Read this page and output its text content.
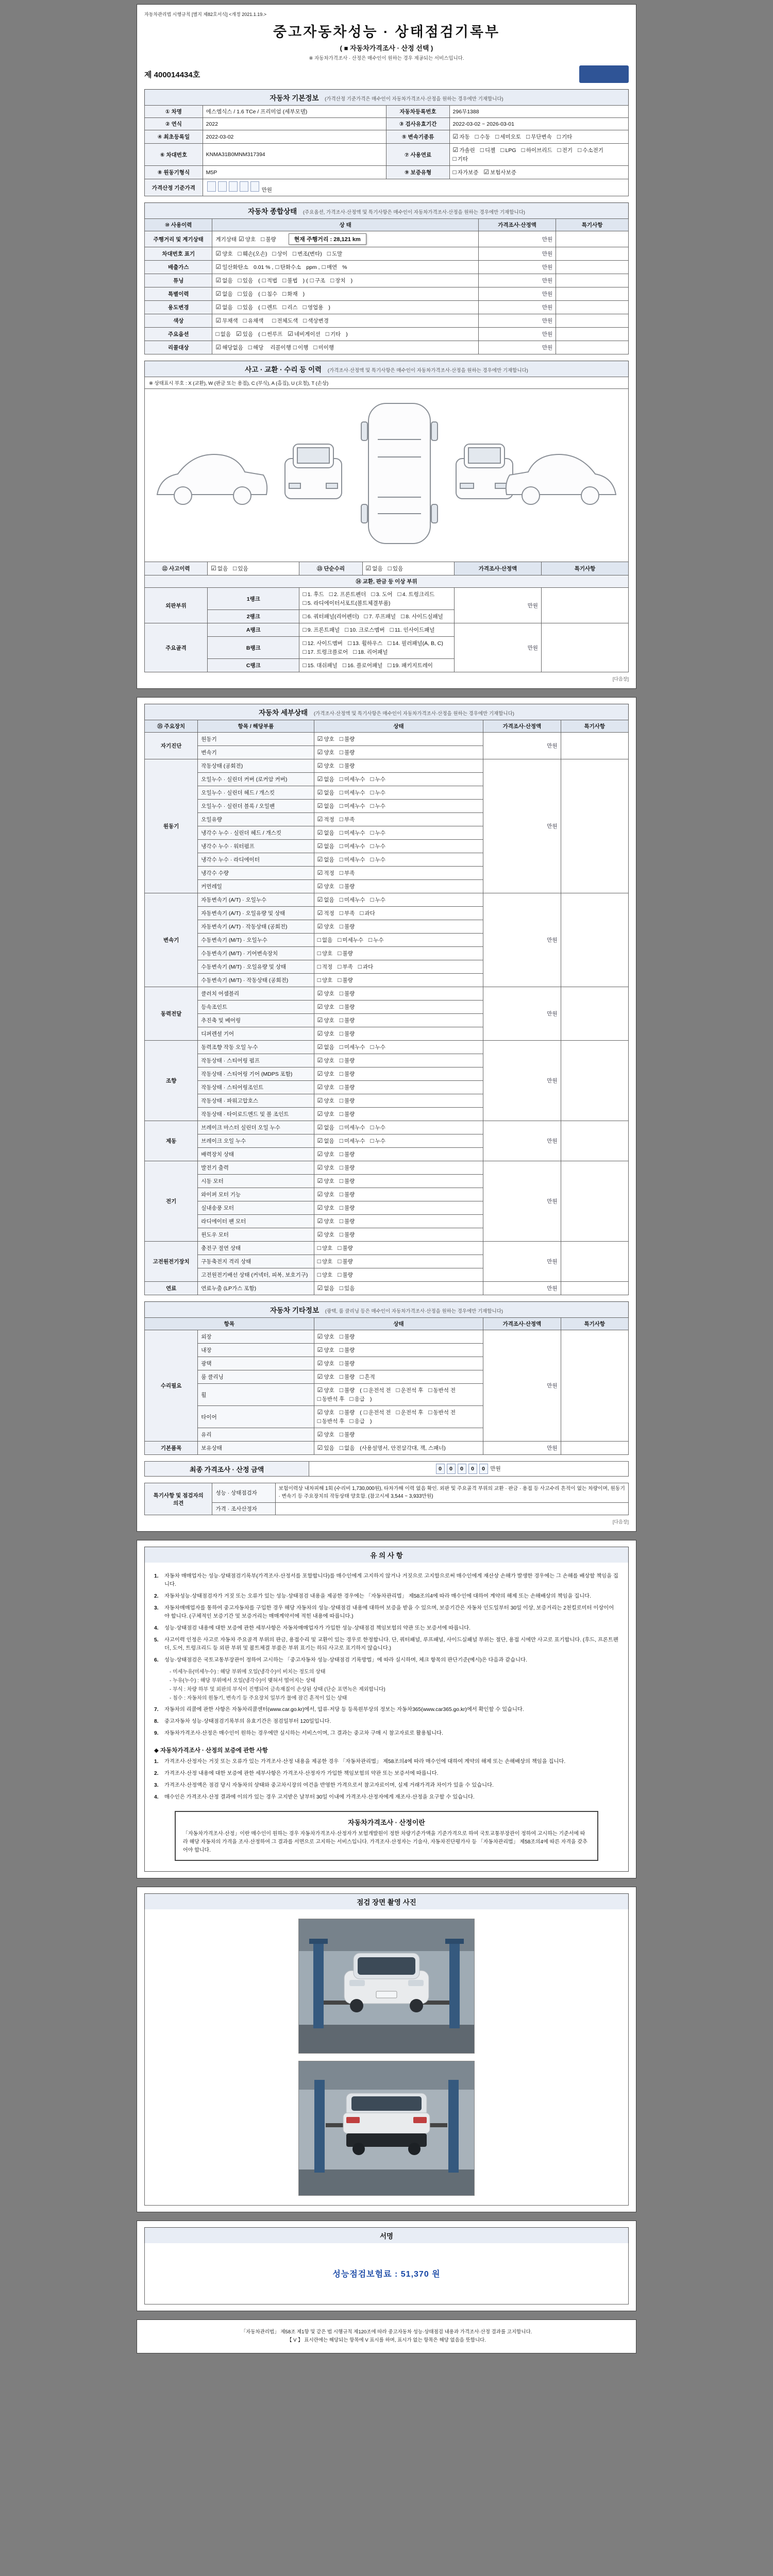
자동차관리법 시행규칙 [별지 제82호서식] <개정 2021.1.19.>
중고자동차성능 · 상태점검기록부
( ■ 자동차가격조사 · 산정 선택 )
※ 자동차가격조사 · 산정은 매수인이 원하는 경우 제공되는 서비스입니다.
제 400014434호
자동차 기본정보 (가격산정 기준가격은 매수인이 자동차가격조사·산정을 원하는 경우에만 기재합니다)
① 차명	에스엠식스 / 1.6 TCe / 프리미엄 (세부모델)	자동차등록번호	296무1388
② 연식	2022	③ 검사유효기간	2022-03-02 ~ 2026-03-01
④ 최초등록일	2022-03-02	⑤ 변속기종류	☑ 자동 □ 수동 □ 세미오토 □ 무단변속 □ 기타
⑥ 차대번호	KNMA31B0MNM317394	⑦ 사용연료	☑ 가솔린 □ 디젤 □ LPG □ 하이브리드 □ 전기 □ 수소전기□ 기타
⑧ 원동기형식	M5P	⑨ 보증유형	□ 자가보증 ☑ 보험사보증
가격산정 기준가격	만원		
자동차 종합상태 (주요옵션, 가격조사·산정액 및 특기사항은 매수인이 자동차가격조사·산정을 원하는 경우에만 기재합니다)
⑩ 사용이력	상 태	가격조사·산정액	특기사항
주행거리 및 계기상태	계기상태 ☑ 양호 □ 불량 현재 주행거리 : 28,121 km	만원	
차대번호 표기	☑ 양호 □ 훼손(오손) □ 상이 □ 변조(변타) □ 도말	만원	
배출가스	☑ 일산화탄소 0.01 % , □ 탄화수소 ppm , □ 매연 %	만원	
튜닝	☑ 없음 □ 있음 ( □ 적법 □ 불법 ) ( □ 구조 □ 장치 )	만원	
특별이력	☑ 없음 □ 있음 ( □ 침수 □ 화재 )	만원	
용도변경	☑ 없음 □ 있음 ( □ 렌트 □ 리스 □ 영업용 )	만원	
색상	☑ 무채색 □ 유채색 □ 전체도색 □ 색상변경	만원	
주요옵션	□ 없음 ☑ 있음 ( □ 썬루프 ☑ 네비게이션 □ 기타 )	만원	
리콜대상	☑ 해당없음 □ 해당 리콜이행 □ 이행 □ 미이행	만원	
사고 · 교환 · 수리 등 이력 (가격조사·산정액 및 특기사항은 매수인이 자동차가격조사·산정을 원하는 경우에만 기재합니다)
※ 상태표시 부호 : X (교환), W (판금 또는 용접), C (부식), A (흠집), U (요철), T (손상)
⑫ 사고이력	☑ 없음 □ 있음	⑬ 단순수리	☑ 없음 □ 있음	가격조사·산정액	특기사항
⑭ 교환, 판금 등 이상 부위					
외판부위	1랭크	□ 1. 후드 □ 2. 프론트펜더 □ 3. 도어 □ 4. 트렁크리드□ 5. 라디에이터서포트(볼트체결부품)		만원	
	2랭크	□ 6. 쿼터패널(리어펜더) □ 7. 루프패널 □ 8. 사이드실패널			
주요골격	A랭크	□ 9. 프론트패널 □ 10. 크로스멤버 □ 11. 인사이드패널		만원	
	B랭크	□ 12. 사이드멤버 □ 13. 휠하우스 □ 14. 필러패널(A, B, C)□ 17. 트렁크플로어 □ 18. 리어패널			
	C랭크	□ 15. 대쉬패널 □ 16. 플로어패널 □ 19. 패키지트레이			
[다음장]
자동차 세부상태 (가격조사·산정액 및 특기사항은 매수인이 자동차가격조사·산정을 원하는 경우에만 기재합니다)
⑮ 주요장치	항목 / 해당부품	상태	가격조사·산정액	특기사항
자기진단	원동기	☑ 양호 □ 불량	만원	
	변속기	☑ 양호 □ 불량		
원동기	작동상태 (공회전)	☑ 양호 □ 불량	만원	
	오일누수 · 실린더 커버 (로커암 커버)	☑ 없음 □ 미세누수 □ 누수		
	오일누수 · 실린더 헤드 / 개스킷	☑ 없음 □ 미세누수 □ 누수		
	오일누수 · 실린더 블록 / 오일팬	☑ 없음 □ 미세누수 □ 누수		
	오일유량	☑ 적정 □ 부족		
	냉각수 누수 · 실린더 헤드 / 개스킷	☑ 없음 □ 미세누수 □ 누수		
	냉각수 누수 · 워터펌프	☑ 없음 □ 미세누수 □ 누수		
	냉각수 누수 · 라디에이터	☑ 없음 □ 미세누수 □ 누수		
	냉각수 수량	☑ 적정 □ 부족		
	커먼레일	☑ 양호 □ 불량		
변속기	자동변속기 (A/T) · 오일누수	☑ 없음 □ 미세누수 □ 누수	만원	
	자동변속기 (A/T) · 오일유량 및 상태	☑ 적정 □ 부족 □ 과다		
	자동변속기 (A/T) · 작동상태 (공회전)	☑ 양호 □ 불량		
	수동변속기 (M/T) · 오일누수	□ 없음 □ 미세누수 □ 누수		
	수동변속기 (M/T) · 기어변속장치	□ 양호 □ 불량		
	수동변속기 (M/T) · 오일유량 및 상태	□ 적정 □ 부족 □ 과다		
	수동변속기 (M/T) · 작동상태 (공회전)	□ 양호 □ 불량		
동력전달	클러치 어셈블리	☑ 양호 □ 불량	만원	
	등속조인트	☑ 양호 □ 불량		
	추진축 및 베어링	☑ 양호 □ 불량		
	디퍼렌셜 기어	☑ 양호 □ 불량		
조향	동력조향 작동 오일 누수	☑ 없음 □ 미세누수 □ 누수	만원	
	작동상태 · 스티어링 펌프	☑ 양호 □ 불량		
	작동상태 · 스티어링 기어 (MDPS 포함)	☑ 양호 □ 불량		
	작동상태 · 스티어링조인트	☑ 양호 □ 불량		
	작동상태 · 파워고압호스	☑ 양호 □ 불량		
	작동상태 · 타이로드엔드 및 볼 조인트	☑ 양호 □ 불량		
제동	브레이크 마스터 실린더 오일 누수	☑ 없음 □ 미세누수 □ 누수	만원	
	브레이크 오일 누수	☑ 없음 □ 미세누수 □ 누수		
	배력장치 상태	☑ 양호 □ 불량		
전기	발전기 출력	☑ 양호 □ 불량	만원	
	시동 모터	☑ 양호 □ 불량		
	와이퍼 모터 기능	☑ 양호 □ 불량		
	실내송풍 모터	☑ 양호 □ 불량		
	라디에이터 팬 모터	☑ 양호 □ 불량		
	윈도우 모터	☑ 양호 □ 불량		
고전원전기장치	충전구 절연 상태	□ 양호 □ 불량	만원	
	구동축전지 격리 상태	□ 양호 □ 불량		
	고전원전기배선 상태 (커넥터, 피복, 보호기구)	□ 양호 □ 불량		
연료	연료누출 (LP가스 포함)	☑ 없음 □ 있음	만원	
자동차 기타정보 (광택, 룸 클리닝 등은 매수인이 자동차가격조사·산정을 원하는 경우에만 기재합니다)
항목		상태	가격조사·산정액	특기사항
수리필요	외장	☑ 양호 □ 불량	만원	
	내장	☑ 양호 □ 불량		
	광택	☑ 양호 □ 불량		
	룸 클리닝	☑ 양호 □ 불량 □ 흔적		
	휠	☑ 양호 □ 불량 ( □ 운전석 전 □ 운전석 후 □ 동반석 전□ 동반석 후 □ 응급 )		
	타이어	☑ 양호 □ 불량 ( □ 운전석 전 □ 운전석 후 □ 동반석 전□ 동반석 후 □ 응급 )		
	유리	☑ 양호 □ 불량		
기본품목	보유상태	☑ 있음 □ 없음 (사용설명서, 안전삼각대, 잭, 스패너)	만원	
최종 가격조사 · 산정 금액	0 0 0 0 0 만원
특기사항 및 점검자의 의견	성능 · 상태점검자	보험이력상 내차피해 1회 (수리비 1,730,000원), 타차가해 이력 없음 확인. 외판 및 주요골격 부위의 교환 · 판금 · 용접 등 사고수리 흔적이 없는 차량이며, 원동기 · 변속기 등 주요장치의 작동상태 양호함. (참고시세 3,544 ~ 3,933만원)
	가격 · 조사산정자	
[다음장]
유 의 사 항
1.	자동차 매매업자는 성능·상태점검기록부(가격조사·산정서를 포함합니다)를 매수인에게 고지하지 않거나 거짓으로 고지함으로써 매수인에게 재산상 손해가 발생한 경우에는 그 손해를 배상할 책임을 집니다.
2.	자동차성능·상태점검자가 거짓 또는 오류가 있는 성능·상태점검 내용을 제공한 경우에는 「자동차관리법」 제58조의4에 따라 매수인에 대하여 계약의 해제 또는 손해배상의 책임을 집니다.
3.	자동차매매업자를 통하여 중고자동차를 구입한 경우 해당 자동차의 성능·상태점검 내용에 대하여 보증을 받을 수 있으며, 보증기간은 자동차 인도일부터 30일 이상, 보증거리는 2천킬로미터 이상이어야 합니다. (구체적인 보증기간 및 보증거리는 매매계약서에 적힌 내용에 따릅니다.)
4.	성능·상태점검 내용에 대한 보증에 관한 세부사항은 자동차매매업자가 가입한 성능·상태점검 책임보험의 약관 또는 보증서에 따릅니다.
5.	사고이력 인정은 사고로 자동차 주요골격 부위의 판금, 용접수리 및 교환이 있는 경우로 한정합니다. 단, 쿼터패널, 루프패널, 사이드실패널 부위는 절단, 용접 시에만 사고로 표기합니다. (후드, 프론트펜더, 도어, 트렁크리드 등 외판 부위 및 볼트체결 부품은 부위 표기는 하되 사고로 표기하지 않습니다.)
6.	성능·상태점검은 국토교통부장관이 정하여 고시하는 「중고자동차 성능·상태점검 기록방법」에 따라 실시하며, 체크 항목의 판단기준(예시)은 다음과 같습니다.
- 미세누유(미세누수) : 해당 부위에 오일(냉각수)이 비치는 정도의 상태
- 누유(누수) : 해당 부위에서 오일(냉각수)이 맺혀서 떨어지는 상태
- 부식 : 차량 하부 및 외판의 부식이 진행되어 금속재질이 손상된 상태 (단순 표면녹은 제외합니다)
- 침수 : 자동차의 원동기, 변속기 등 주요장치 일부가 물에 잠긴 흔적이 있는 상태
7.	자동차의 리콜에 관한 사항은 자동차리콜센터(www.car.go.kr)에서, 압류·저당 등 등록원부상의 정보는 자동차365(www.car365.go.kr)에서 확인할 수 있습니다.
8.	중고자동차 성능·상태점검기록부의 유효기간은 점검일부터 120일입니다.
9.	자동차가격조사·산정은 매수인이 원하는 경우에만 실시하는 서비스이며, 그 결과는 중고차 구매 시 참고자료로 활용됩니다.
◆ 자동차가격조사 · 산정의 보증에 관한 사항
1.	가격조사·산정자는 거짓 또는 오류가 있는 가격조사·산정 내용을 제공한 경우 「자동차관리법」 제58조의4에 따라 매수인에 대하여 계약의 해제 또는 손해배상의 책임을 집니다.
2.	가격조사·산정 내용에 대한 보증에 관한 세부사항은 가격조사·산정자가 가입한 책임보험의 약관 또는 보증서에 따릅니다.
3.	가격조사·산정액은 점검 당시 자동차의 상태와 중고차시장의 여건을 반영한 가격으로서 참고자료이며, 실제 거래가격과 차이가 있을 수 있습니다.
4.	매수인은 가격조사·산정 결과에 이의가 있는 경우 고지받은 날부터 30일 이내에 가격조사·산정자에게 재조사·산정을 요구할 수 있습니다.
자동차가격조사 · 산정이란
「자동차가격조사·산정」이란 매수인이 원하는 경우 자동차가격조사·산정자가 보험개발원이 정한 차량기준가액을 기준가격으로 하여 국토교통부장관이 정하여 고시하는 기준서에 따라 해당 자동차의 가격을 조사·산정하여 그 결과를 서면으로 고지하는 서비스입니다. 가격조사·산정자는 기술사, 자동차진단평가사 등 「자동차관리법」 제58조의4에 따른 자격을 갖추어야 합니다.
점검 장면 촬영 사진
서명
성능점검보험료 : 51,370 원
「자동차관리법」 제58조 제1항 및 같은 법 시행규칙 제120조에 따라 중고자동차 성능·상태점검 내용과 가격조사·산정 결과를 고지합니다.
【 V 】 표시란에는 해당되는 항목에 V 표시를 하며, 표시가 없는 항목은 해당 없음을 뜻합니다.
